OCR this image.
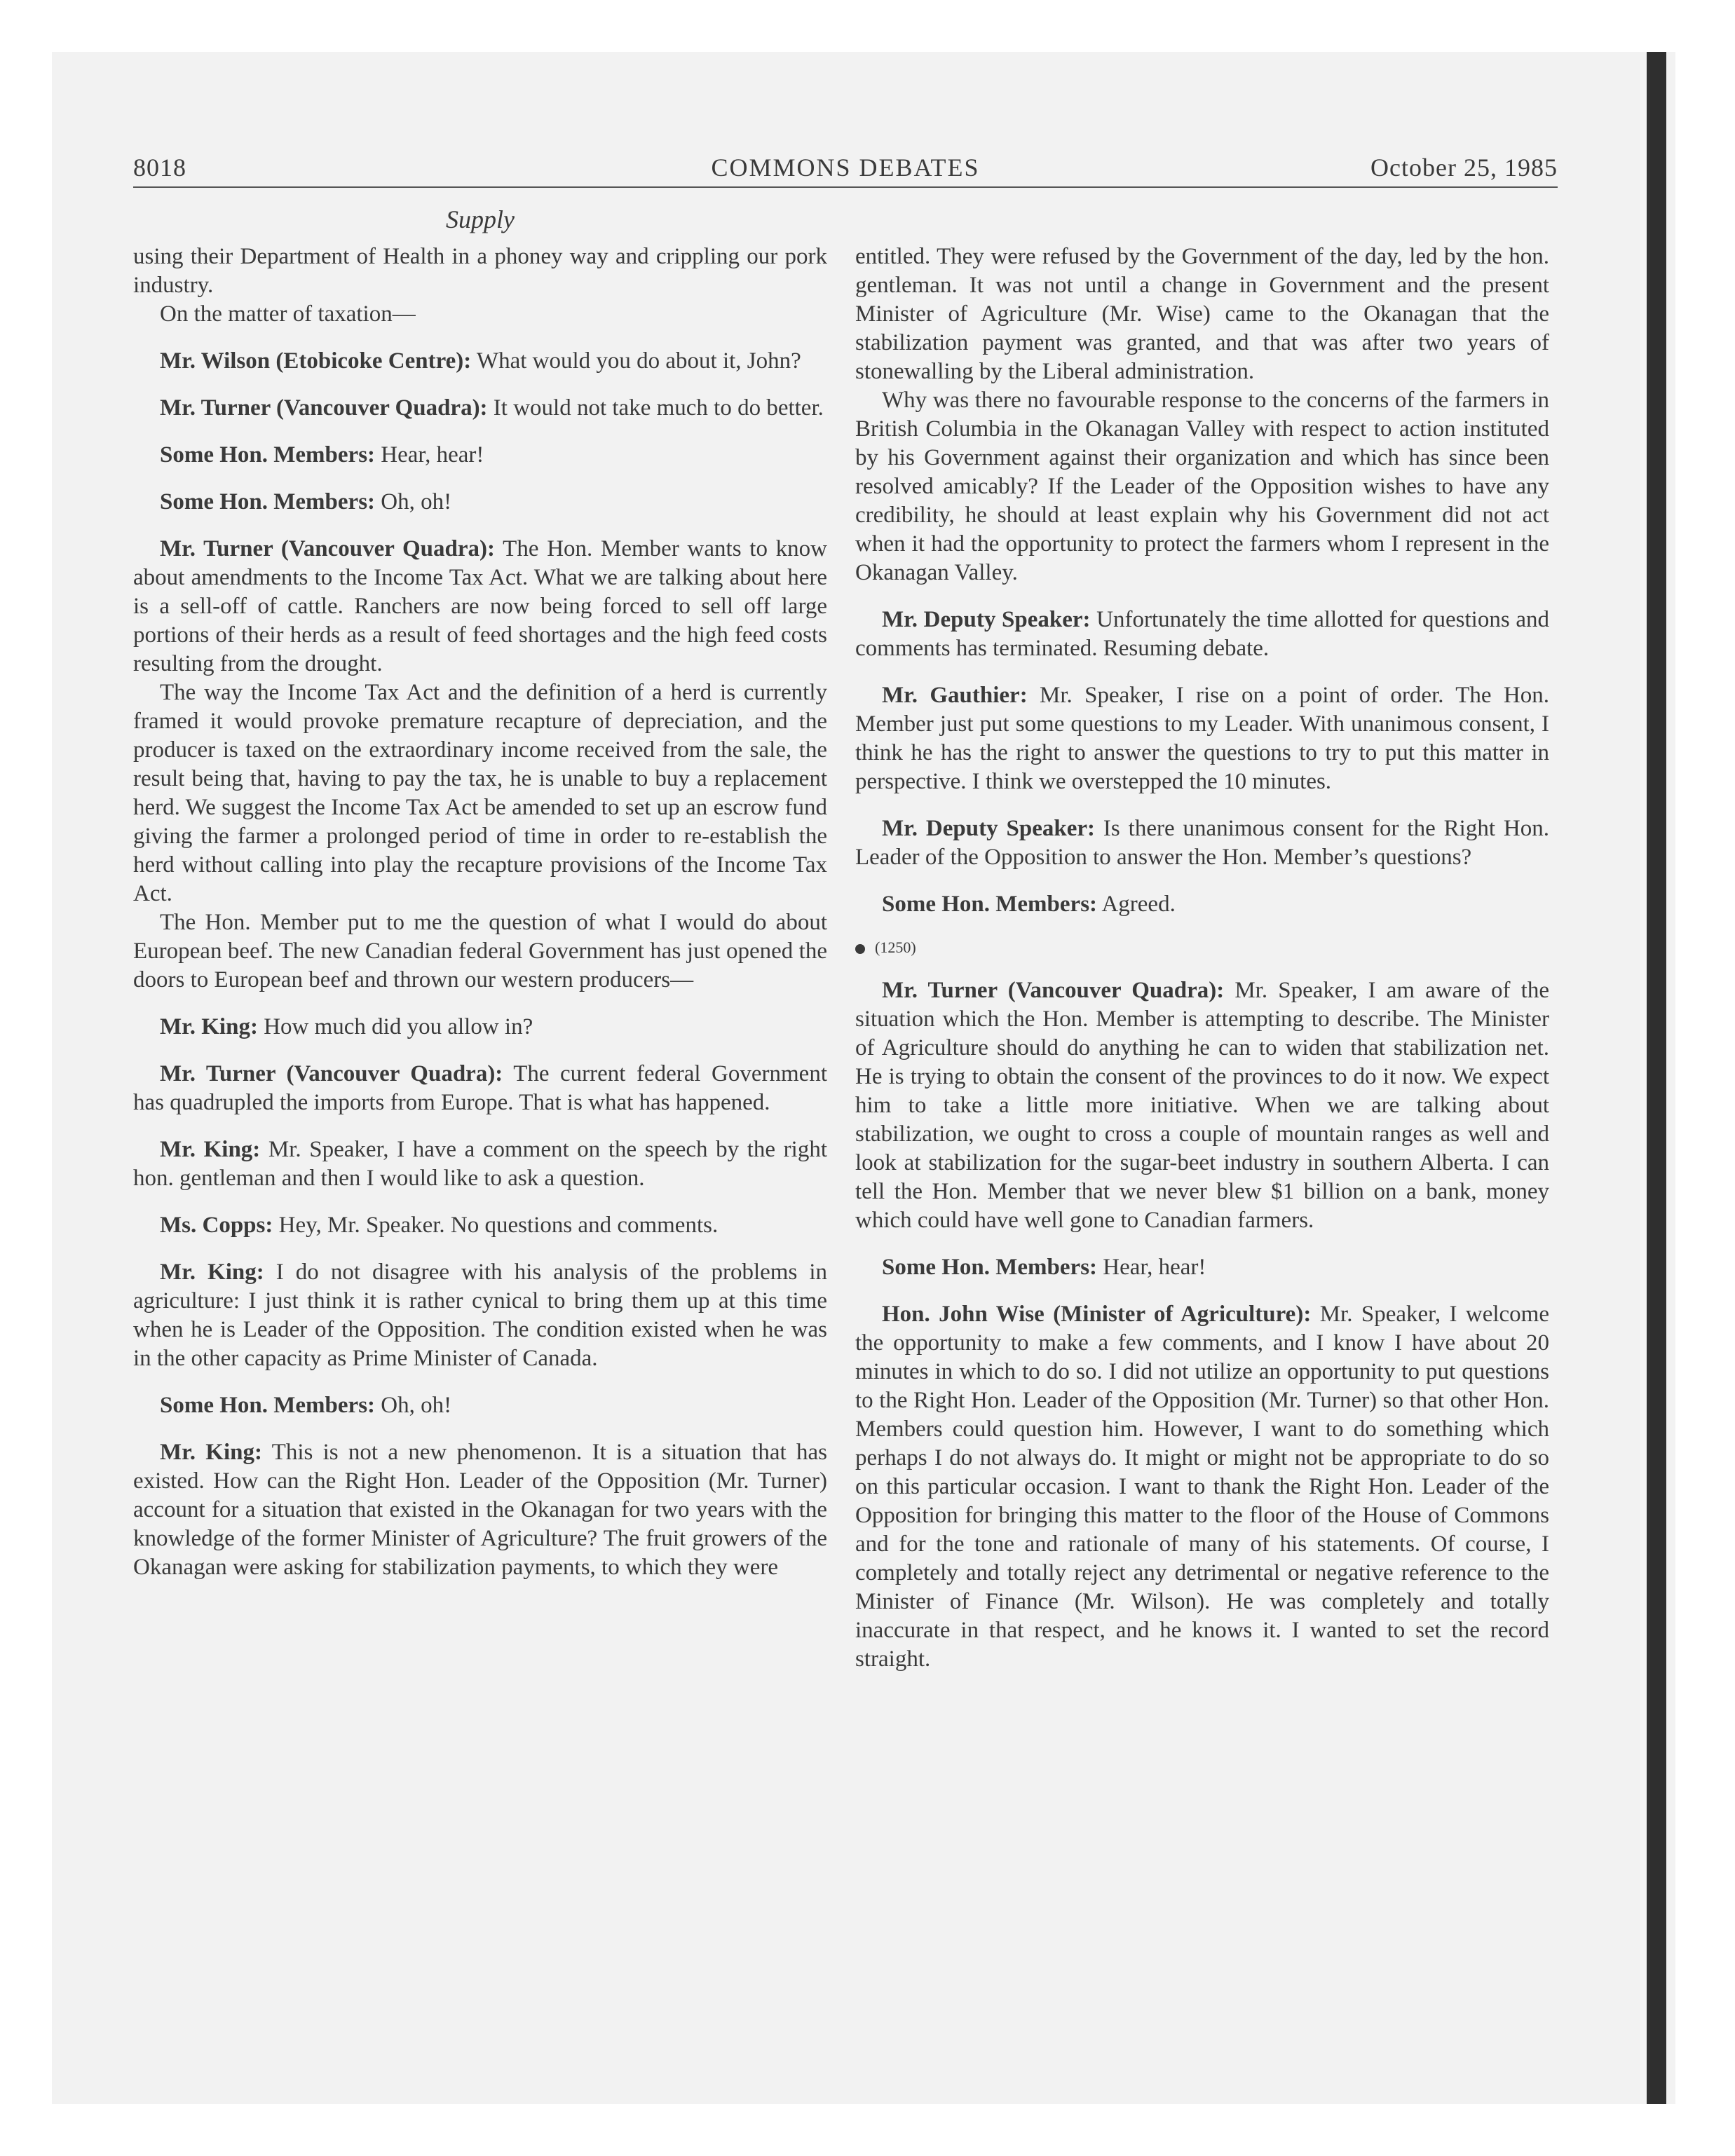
8018	COMMONS DEBATES	October 25, 1985
Supply

using their Department of Health in a phoney way and crippling our pork industry.

On the matter of taxation—

Mr. Wilson (Etobicoke Centre): What would you do about it, John?

Mr. Turner (Vancouver Quadra): It would not take much to do better.

Some Hon. Members: Hear, hear!

Some Hon. Members: Oh, oh!

Mr. Turner (Vancouver Quadra): The Hon. Member wants to know about amendments to the Income Tax Act. What we are talking about here is a sell-off of cattle. Ranchers are now being forced to sell off large portions of their herds as a result of feed shortages and the high feed costs resulting from the drought.

The way the Income Tax Act and the definition of a herd is currently framed it would provoke premature recapture of depreciation, and the producer is taxed on the extraordinary income received from the sale, the result being that, having to pay the tax, he is unable to buy a replacement herd. We suggest the Income Tax Act be amended to set up an escrow fund giving the farmer a prolonged period of time in order to re-establish the herd without calling into play the recapture provisions of the Income Tax Act.

The Hon. Member put to me the question of what I would do about European beef. The new Canadian federal Government has just opened the doors to European beef and thrown our western producers—

Mr. King: How much did you allow in?

Mr. Turner (Vancouver Quadra): The current federal Government has quadrupled the imports from Europe. That is what has happened.

Mr. King: Mr. Speaker, I have a comment on the speech by the right hon. gentleman and then I would like to ask a question.

Ms. Copps: Hey, Mr. Speaker. No questions and comments.

Mr. King: I do not disagree with his analysis of the problems in agriculture: I just think it is rather cynical to bring them up at this time when he is Leader of the Opposition. The condition existed when he was in the other capacity as Prime Minister of Canada.

Some Hon. Members: Oh, oh!

Mr. King: This is not a new phenomenon. It is a situation that has existed. How can the Right Hon. Leader of the Opposition (Mr. Turner) account for a situation that existed in the Okanagan for two years with the knowledge of the former Minister of Agriculture? The fruit growers of the Okanagan were asking for stabilization payments, to which they were

entitled. They were refused by the Government of the day, led by the hon. gentleman. It was not until a change in Government and the present Minister of Agriculture (Mr. Wise) came to the Okanagan that the stabilization payment was granted, and that was after two years of stonewalling by the Liberal administration.

Why was there no favourable response to the concerns of the farmers in British Columbia in the Okanagan Valley with respect to action instituted by his Government against their organization and which has since been resolved amicably? If the Leader of the Opposition wishes to have any credibility, he should at least explain why his Government did not act when it had the opportunity to protect the farmers whom I represent in the Okanagan Valley.

Mr. Deputy Speaker: Unfortunately the time allotted for questions and comments has terminated. Resuming debate.

Mr. Gauthier: Mr. Speaker, I rise on a point of order. The Hon. Member just put some questions to my Leader. With unanimous consent, I think he has the right to answer the questions to try to put this matter in perspective. I think we overstepped the 10 minutes.

Mr. Deputy Speaker: Is there unanimous consent for the Right Hon. Leader of the Opposition to answer the Hon. Member’s questions?

Some Hon. Members: Agreed.

(1250)

Mr. Turner (Vancouver Quadra): Mr. Speaker, I am aware of the situation which the Hon. Member is attempting to describe. The Minister of Agriculture should do anything he can to widen that stabilization net. He is trying to obtain the consent of the provinces to do it now. We expect him to take a little more initiative. When we are talking about stabilization, we ought to cross a couple of mountain ranges as well and look at stabilization for the sugar-beet industry in southern Alberta. I can tell the Hon. Member that we never blew $1 billion on a bank, money which could have well gone to Canadian farmers.

Some Hon. Members: Hear, hear!

Hon. John Wise (Minister of Agriculture): Mr. Speaker, I welcome the opportunity to make a few comments, and I know I have about 20 minutes in which to do so. I did not utilize an opportunity to put questions to the Right Hon. Leader of the Opposition (Mr. Turner) so that other Hon. Members could question him. However, I want to do something which perhaps I do not always do. It might or might not be appropriate to do so on this particular occasion. I want to thank the Right Hon. Leader of the Opposition for bringing this matter to the floor of the House of Commons and for the tone and rationale of many of his statements. Of course, I completely and totally reject any detrimental or negative reference to the Minister of Finance (Mr. Wilson). He was completely and totally inaccurate in that respect, and he knows it. I wanted to set the record straight.
